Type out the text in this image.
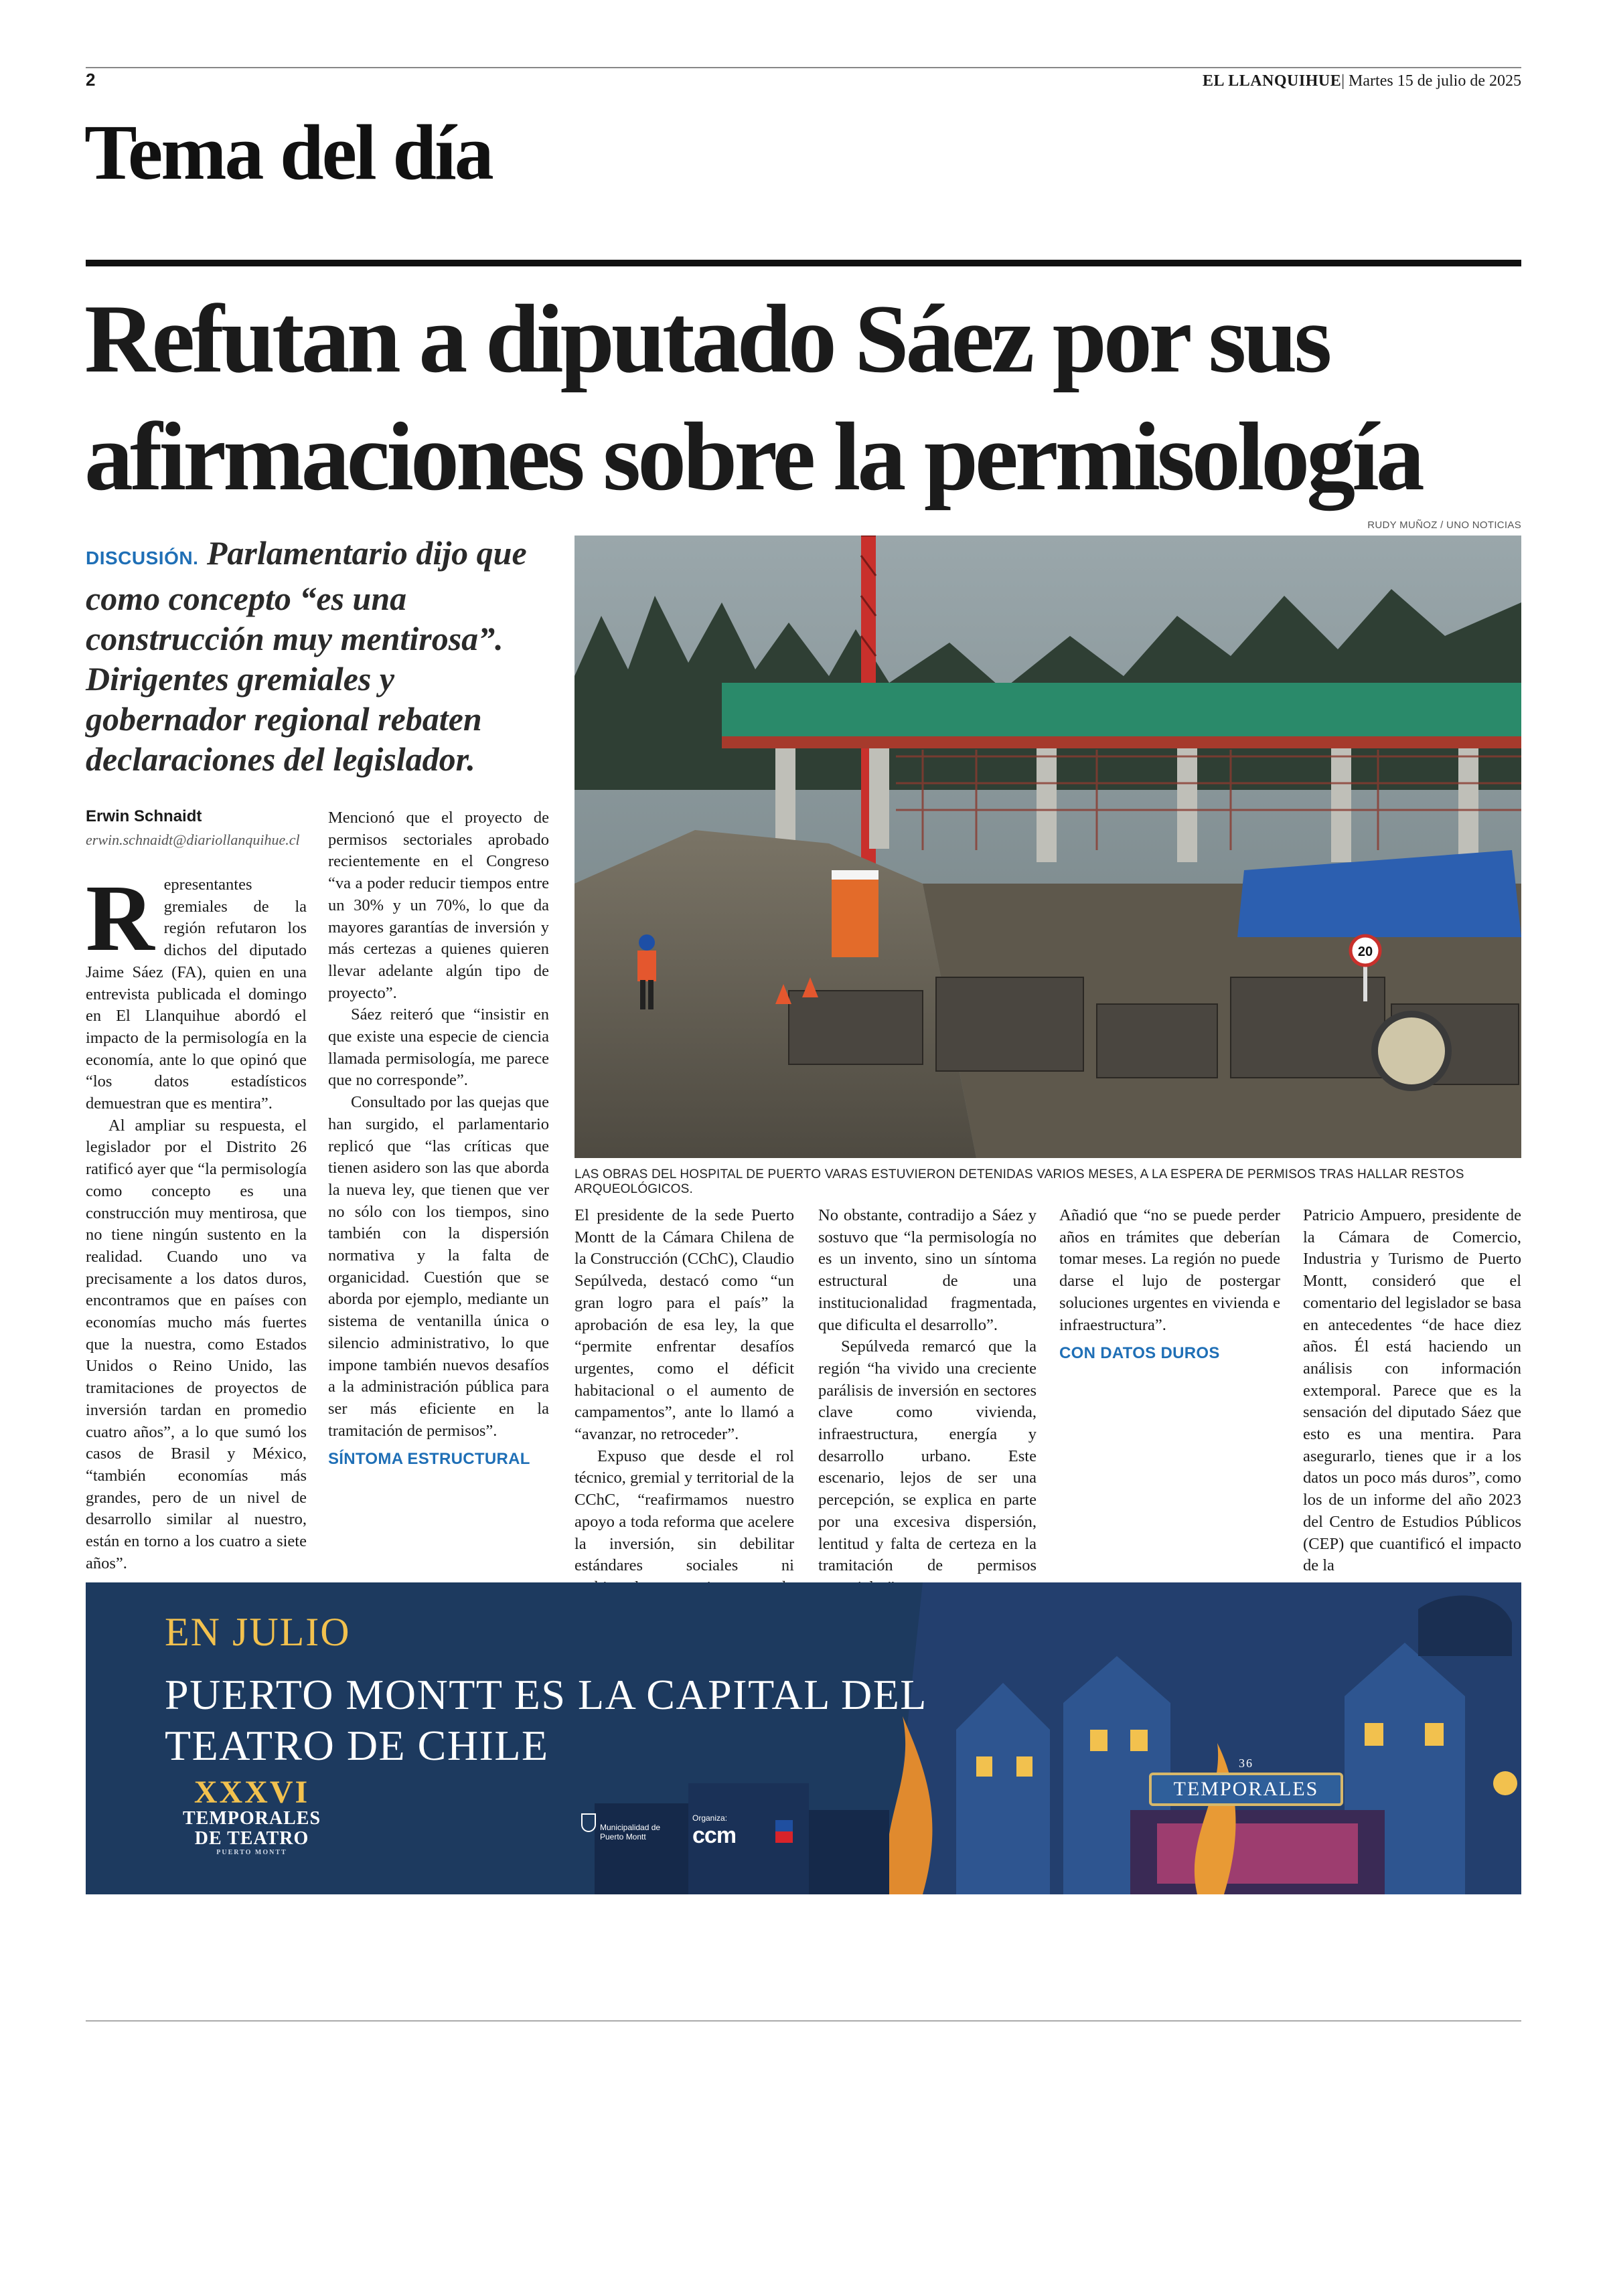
2	EL LLANQUIHUE| Martes 15 de julio de 2025
Tema del día
Refutan a diputado Sáez por sus afirmaciones sobre la permisología
RUDY MUÑOZ / UNO NOTICIAS
DISCUSIÓN. Parlamentario dijo que como concepto “es una construcción muy mentirosa”. Dirigentes gremiales y gobernador regional rebaten declaraciones del legislador.
Erwin Schnaidt
erwin.schnaidt@diariollanquihue.cl

Representantes gremiales de la región refutaron los dichos del diputado Jaime Sáez (FA), quien en una entrevista publicada el domingo en El Llanquihue abordó el impacto de la permisología en la economía, ante lo que opinó que “los datos estadísticos demuestran que es mentira”.

Al ampliar su respuesta, el legislador por el Distrito 26 ratificó ayer que “la permisología como concepto es una construcción muy mentirosa, que no tiene ningún sustento en la realidad. Cuando uno va precisamente a los datos duros, encontramos que en países con economías mucho más fuertes que la nuestra, como Estados Unidos o Reino Unido, las tramitaciones de proyectos de inversión tardan en promedio cuatro años”, a lo que sumó los casos de Brasil y México, “también economías más grandes, pero de un nivel de desarrollo similar al nuestro, están en torno a los cuatro a siete años”.

Mencionó que el proyecto de permisos sectoriales aprobado recientemente en el Congreso “va a poder reducir tiempos entre un 30% y un 70%, lo que da mayores garantías de inversión y más certezas a quienes quieren llevar adelante algún tipo de proyecto”.

Sáez reiteró que “insistir en que existe una especie de ciencia llamada permisología, me parece que no corresponde”.

Consultado por las quejas que han surgido, el parlamentario replicó que “las críticas que tienen asidero son las que aborda la nueva ley, que tienen que ver no sólo con los tiempos, sino también con la dispersión normativa y la falta de organicidad. Cuestión que se aborda por ejemplo, mediante un sistema de ventanilla única o silencio administrativo, lo que impone también nuevos desafíos a la administración pública para ser más eficiente en la tramitación de permisos”.

SÍNTOMA ESTRUCTURAL

El presidente de la sede Puerto Montt de la Cámara Chilena de la Construcción (CChC), Claudio Sepúlveda, destacó como “un gran logro para el país” la aprobación de esa ley, la que “permite enfrentar desafíos urgentes, como el déficit habitacional o el aumento de campamentos”, ante lo llamó a “avanzar, no retroceder”.

Expuso que desde el rol técnico, gremial y territorial de la CChC, “reafirmamos nuestro apoyo a toda reforma que acelere la inversión, sin debilitar estándares sociales ni

No obstante, contradijo a Sáez y sostuvo que “la permisología no es un invento, sino un síntoma estructural de una institucionalidad fragmentada, que dificulta el desarrollo”.

Sepúlveda remarcó que la región “ha vivido una creciente parálisis de inversión en sectores clave como vivienda, infraestructura, energía y desarrollo urbano. Este escenario, lejos de ser una percepción, se explica en parte por una excesiva dispersión, lentitud y falta de certeza en la tramitación de permisos

Añadió que “no se puede perder años en trámites que deberían tomar meses. La región no puede darse el lujo de postergar soluciones urgentes en vivienda e infraestructura”.

CON DATOS DUROS

Patricio Ampuero, presidente de la Cámara de Comercio, Industria y Turismo de Puerto Montt, consideró que el comentario del legislador se basa en antecedentes “de hace diez años. Él está haciendo un análisis con información extemporal. Parece que es la sensación del diputado Sáez que esto es una mentira. Para asegurarlo, tienes que ir a los datos un poco más duros”, como los de un informe del año 2023 del Centro de Estudios Públicos (CEP) que cuantificó el impacto de la

20
LAS OBRAS DEL HOSPITAL DE PUERTO VARAS ESTUVIERON DETENIDAS VARIOS MESES, A LA ESPERA DE PERMISOS TRAS HALLAR RESTOS ARQUEOLÓGICOS.
EN JULIO
PUERTO MONTT ES LA CAPITAL DEL TEATRO DE CHILE
XXXVI
TEMPORALES
DE TEATRO
PUERTO MONTT
Municipalidad de Puerto Montt
Organiza:
ccm
36
TEMPORALES
